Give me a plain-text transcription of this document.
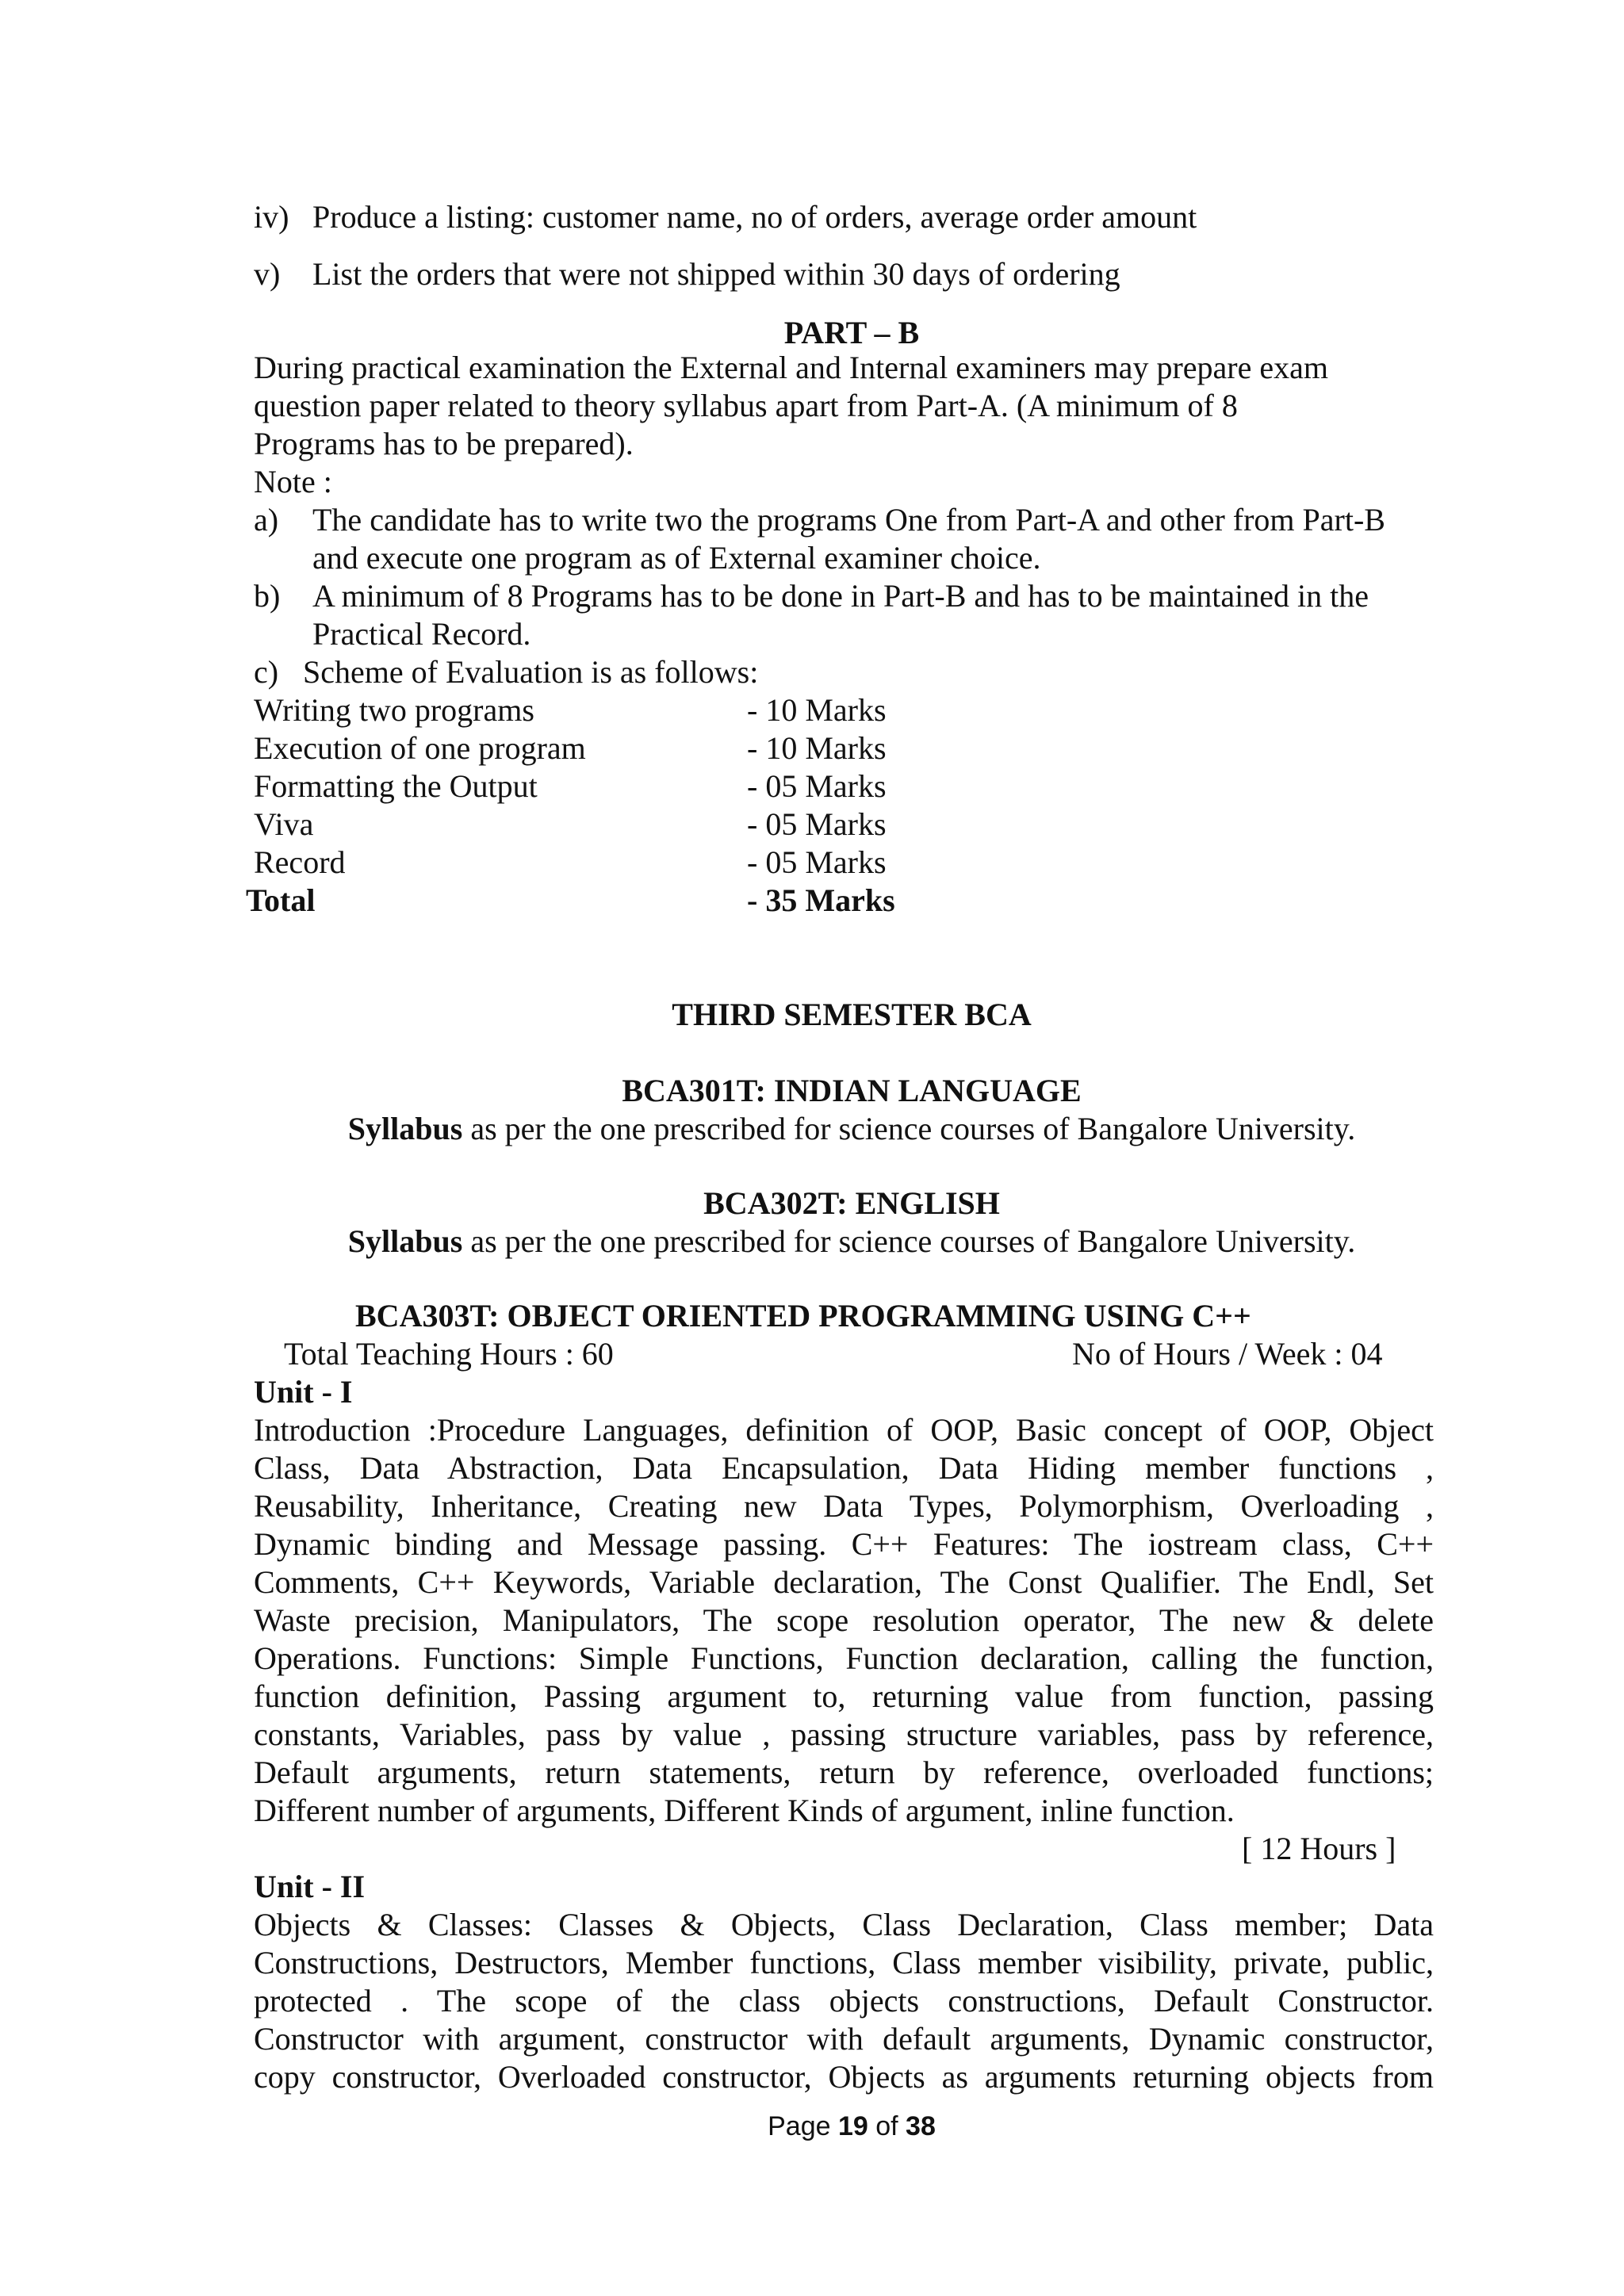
iv) Produce a listing: customer name, no of orders, average order amount
v) List the orders that were not shipped within 30 days of ordering
PART – B
During practical examination the External and Internal examiners may prepare exam
question paper related to theory syllabus apart from Part-A. (A minimum of 8
Programs has to be prepared).
Note :
a) The candidate has to write two the programs One from Part-A and other from Part-B
and execute one program as of External examiner choice.
b) A minimum of 8 Programs has to be done in Part-B and has to be maintained in the
Practical Record.
c) Scheme of Evaluation is as follows:
Writing two programs	- 10 Marks
Execution of one program	- 10 Marks
Formatting the Output	- 05 Marks
Viva	- 05 Marks
Record	- 05 Marks
Total	- 35 Marks
THIRD SEMESTER BCA
BCA301T: INDIAN LANGUAGE
Syllabus as per the one prescribed for science courses of Bangalore University.
BCA302T: ENGLISH
Syllabus as per the one prescribed for science courses of Bangalore University.
BCA303T: OBJECT ORIENTED PROGRAMMING USING C++
Total Teaching Hours : 60	No of Hours / Week : 04
Unit - I

Introduction :Procedure Languages, definition of OOP, Basic concept of OOP, Object

Class, Data Abstraction, Data Encapsulation, Data Hiding member functions ,

Reusability, Inheritance, Creating new Data Types, Polymorphism, Overloading ,

Dynamic binding and Message passing. C++ Features: The iostream class, C++

Comments, C++ Keywords, Variable declaration, The Const Qualifier. The Endl, Set

Waste precision, Manipulators, The scope resolution operator, The new & delete

Operations. Functions: Simple Functions, Function declaration, calling the function,

function definition, Passing argument to, returning value from function, passing

constants, Variables, pass by value , passing structure variables, pass by reference,

Default arguments, return statements, return by reference, overloaded functions;

Different number of arguments, Different Kinds of argument, inline function.

[ 12 Hours ]
Unit - II

Objects & Classes: Classes & Objects, Class Declaration, Class member; Data

Constructions, Destructors, Member functions, Class member visibility, private, public,

protected . The scope of the class objects constructions, Default Constructor.

Constructor with argument, constructor with default arguments, Dynamic constructor,

copy constructor, Overloaded constructor, Objects as arguments returning objects from

Page 19 of 38
